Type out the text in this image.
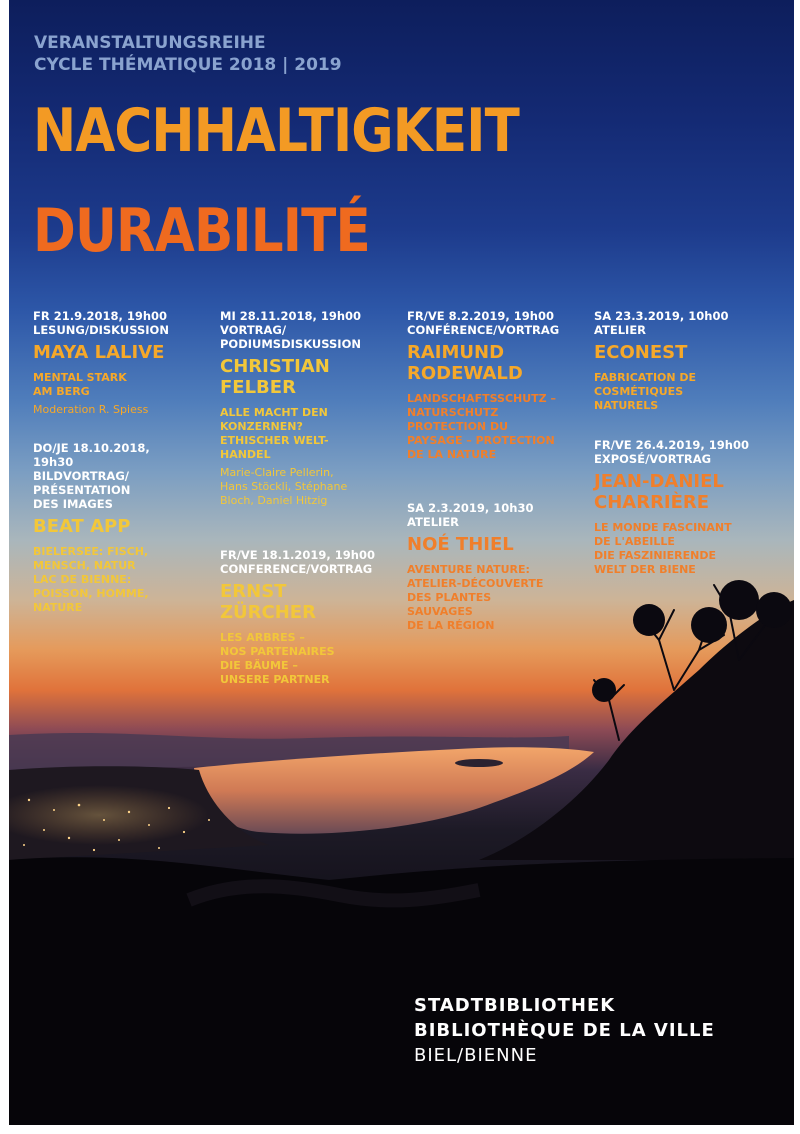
VERANSTALTUNGSREIHE
CYCLE THÉMATIQUE 2018 | 2019
NACHHALTIGKEIT
DURABILITÉ
FR 21.9.2018, 19h00
LESUNG/DISKUSSION
MAYA LALIVE
MENTAL STARK
AM BERG
Moderation R. Spiess
DO/JE 18.10.2018,
19h30
BILDVORTRAG/
PRÉSENTATION
DES IMAGES
BEAT APP
BIELERSEE: FISCH,
MENSCH, NATUR
LAC DE BIENNE:
POISSON, HOMME,
NATURE
MI 28.11.2018, 19h00
VORTRAG/
PODIUMSDISKUSSION
CHRISTIAN
FELBER
ALLE MACHT DEN
KONZERNEN?
ETHISCHER WELT-
HANDEL
Marie-Claire Pellerin,
Hans Stöckli, Stéphane
Bloch, Daniel Hitzig
FR/VE 18.1.2019, 19h00
CONFERENCE/VORTRAG
ERNST
ZÜRCHER
LES ARBRES –
NOS PARTENAIRES
DIE BÄUME –
UNSERE PARTNER
FR/VE 8.2.2019, 19h00
CONFÉRENCE/VORTRAG
RAIMUND
RODEWALD
LANDSCHAFTSSCHUTZ –
NATURSCHUTZ
PROTECTION DU
PAYSAGE – PROTECTION
DE LA NATURE
SA 2.3.2019, 10h30
ATELIER
NOÉ THIEL
AVENTURE NATURE:
ATELIER-DÉCOUVERTE
DES PLANTES
SAUVAGES
DE LA RÉGION
SA 23.3.2019, 10h00
ATELIER
ECONEST
FABRICATION DE
COSMÉTIQUES
NATURELS
FR/VE 26.4.2019, 19h00
EXPOSÉ/VORTRAG
JEAN-DANIEL
CHARRIÈRE
LE MONDE FASCINANT
DE L'ABEILLE
DIE FASZINIERENDE
WELT DER BIENE
STADTBIBLIOTHEK
BIBLIOTHÈQUE DE LA VILLE
BIEL/BIENNE
